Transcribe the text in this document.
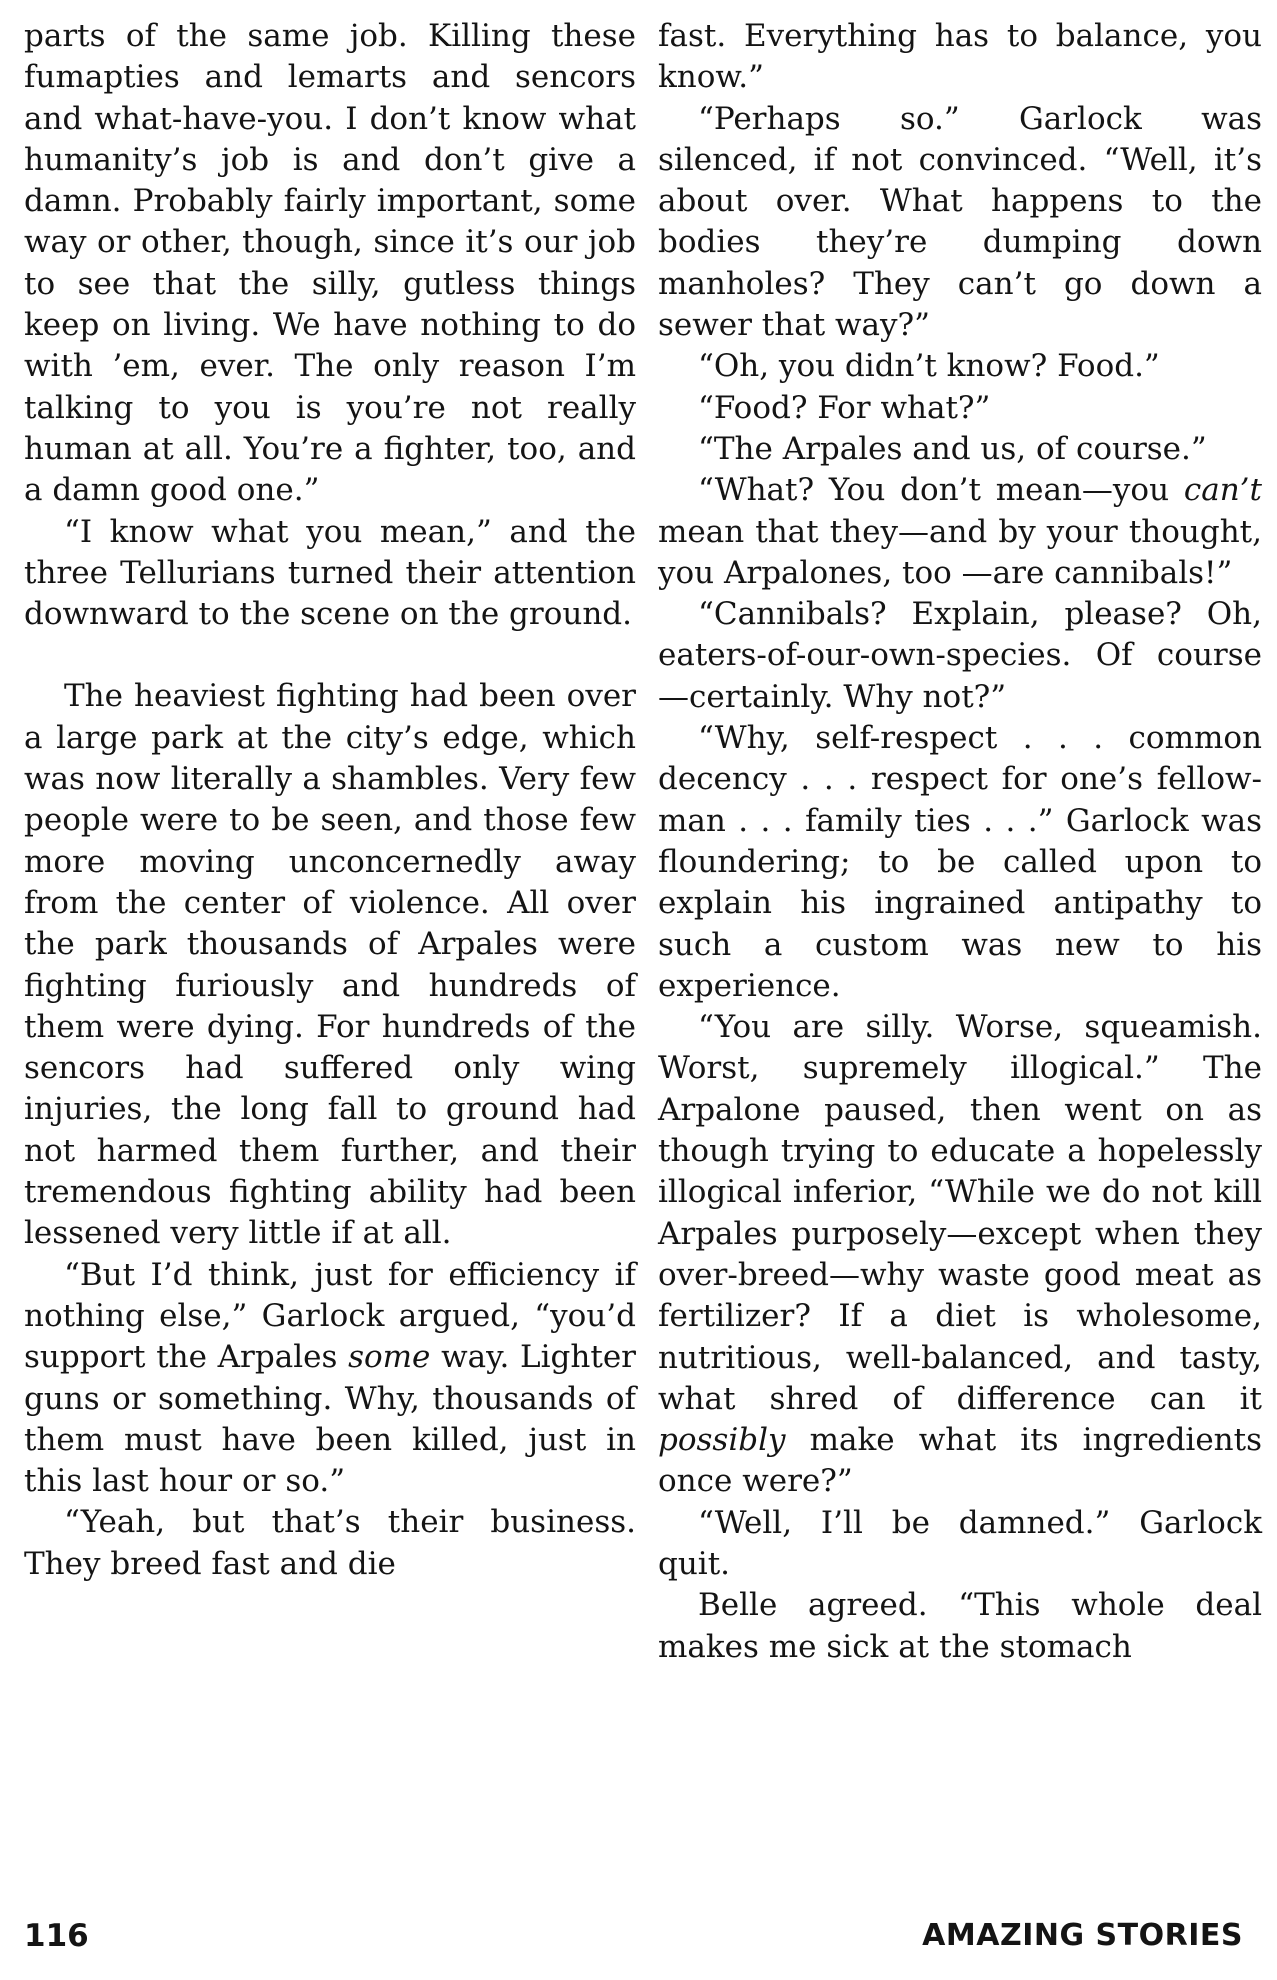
parts of the same job. Killing these fumapties and lemarts and sencors and what-have-you. I don’t know what humanity’s job is and don’t give a damn. Probably fairly important, some way or other, though, since it’s our job to see that the silly, gutless things keep on living. We have nothing to do with ’em, ever. The only reason I’m talking to you is you’re not really human at all. You’re a fighter, too, and a damn good one.”

“I know what you mean,” and the three Tellurians turned their attention downward to the scene on the ground.

The heaviest fighting had been over a large park at the city’s edge, which was now literally a shambles. Very few people were to be seen, and those few more moving unconcernedly away from the center of violence. All over the park thousands of Arpales were fighting furiously and hundreds of them were dying. For hundreds of the sencors had suffered only wing injuries, the long fall to ground had not harmed them further, and their tremendous fighting ability had been lessened very little if at all.

“But I’d think, just for efficiency if nothing else,” Garlock argued, “you’d support the Arpales some way. Lighter guns or something. Why, thousands of them must have been killed, just in this last hour or so.”

“Yeah, but that’s their business. They breed fast and die

fast. Everything has to balance, you know.”

“Perhaps so.” Garlock was silenced, if not convinced. “Well, it’s about over. What happens to the bodies they’re dumping down manholes? They can’t go down a sewer that way?”

“Oh, you didn’t know? Food.”

“Food? For what?”

“The Arpales and us, of course.”

“What? You don’t mean—you can’t mean that they—and by your thought, you Arpalones, too —are cannibals!”

“Cannibals? Explain, please? Oh, eaters-of-our-own-species. Of course—certainly. Why not?”

“Why, self-respect . . . common decency . . . respect for one’s fellow-man . . . family ties . . .” Garlock was floundering; to be called upon to explain his ingrained antipathy to such a custom was new to his experience.

“You are silly. Worse, squeamish. Worst, supremely illogical.” The Arpalone paused, then went on as though trying to educate a hopelessly illogical inferior, “While we do not kill Arpales purposely—except when they over-breed—why waste good meat as fertilizer? If a diet is wholesome, nutritious, well-balanced, and tasty, what shred of difference can it possibly make what its ingredients once were?”

“Well, I’ll be damned.” Garlock quit.

Belle agreed. “This whole deal makes me sick at the stomach

116	AMAZING STORIES
